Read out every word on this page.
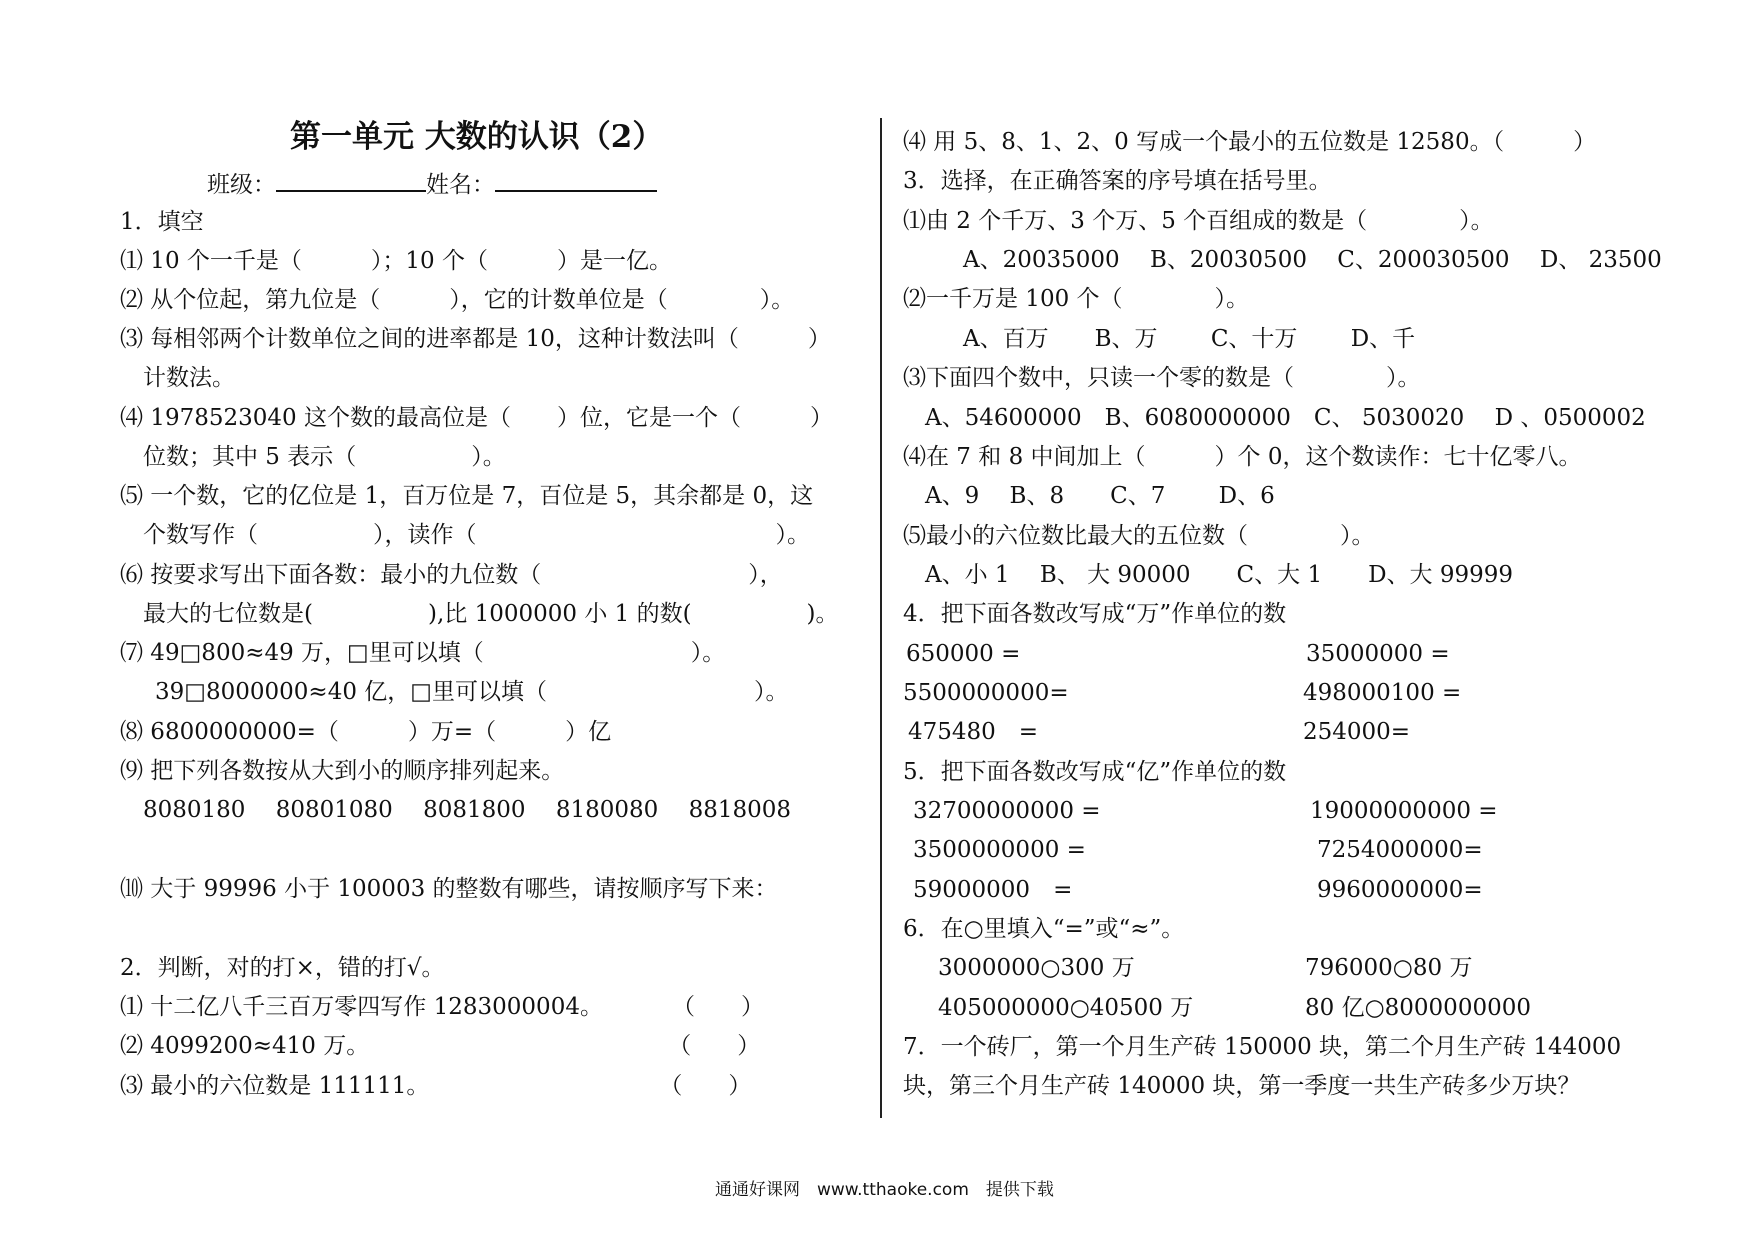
第一单元 大数的认识（2）
班级：	姓名：
1．填空
⑴ 10 个一千是（　　　）；10 个（　　　）是一亿。
⑵ 从个位起，第九位是（　　　），它的计数单位是（　　　　）。
⑶ 每相邻两个计数单位之间的进率都是 10，这种计数法叫（　　　）
计数法。
⑷ 1978523040 这个数的最高位是（　　）位，它是一个（　　　）
位数；其中 5 表示（　　　　　）。
⑸ 一个数，它的亿位是 1，百万位是 7，百位是 5，其余都是 0，这
个数写作（　　　　　），读作（　　　　　　　　　　　　　）。
⑹ 按要求写出下面各数：最小的九位数（　　　　　　　　　），
最大的七位数是(　　　　　),比 1000000 小 1 的数(　　　　　)。
⑺ 49□800≈49 万，□里可以填（　　　　　　　　　）。
39□8000000≈40 亿，□里可以填（　　　　　　　　　）。
⑻ 6800000000=（　　　）万=（　　　）亿
⑼ 把下列各数按从大到小的顺序排列起来。
8080180　 80801080　 8081800　 8180080　 8818008
⑽ 大于 99996 小于 100003 的整数有哪些，请按顺序写下来：
2．判断，对的打×，错的打√。
⑴ 十二亿八千三百万零四写作 1283000004。　　　　（　　）
⑵ 4099200≈410 万。　　　　　　　　　　　　　　（　　）
⑶ 最小的六位数是 111111。　　　　　　　　　　　（　　）
⑷ 用 5、8、1、2、0 写成一个最小的五位数是 12580。（　　　）
3．选择，在正确答案的序号填在括号里。
⑴由 2 个千万、3 个万、5 个百组成的数是（　　　　）。
A、20035000　 B、20030500　 C、200030500　 D、 23500
⑵一千万是 100 个（　　　　）。
A、百万　　B、万　　 C、十万　　 D、千
⑶下面四个数中，只读一个零的数是（　　　　）。
A、54600000　B、6080000000　C、 5030020　 D 、0500002
⑷在 7 和 8 中间加上（　　　）个 0，这个数读作：七十亿零八。
A、9　 B、8　　C、7　　 D、6
⑸最小的六位数比最大的五位数（　　　　）。
A、小 1　 B、 大 90000　　C、大 1　　D、大 99999
4．把下面各数改写成“万”作单位的数
650000 =	35000000 =
5500000000=	498000100 =
475480　=	254000=
5．把下面各数改写成“亿”作单位的数
32700000000 =	19000000000 =
3500000000 =	7254000000=
59000000　=	9960000000=
6．在○里填入“=”或“≈”。
3000000○300 万	796000○80 万
405000000○40500 万	80 亿○8000000000
7．一个砖厂，第一个月生产砖 150000 块，第二个月生产砖 144000
块，第三个月生产砖 140000 块，第一季度一共生产砖多少万块？
通通好课网　www.tthaoke.com　提供下载
